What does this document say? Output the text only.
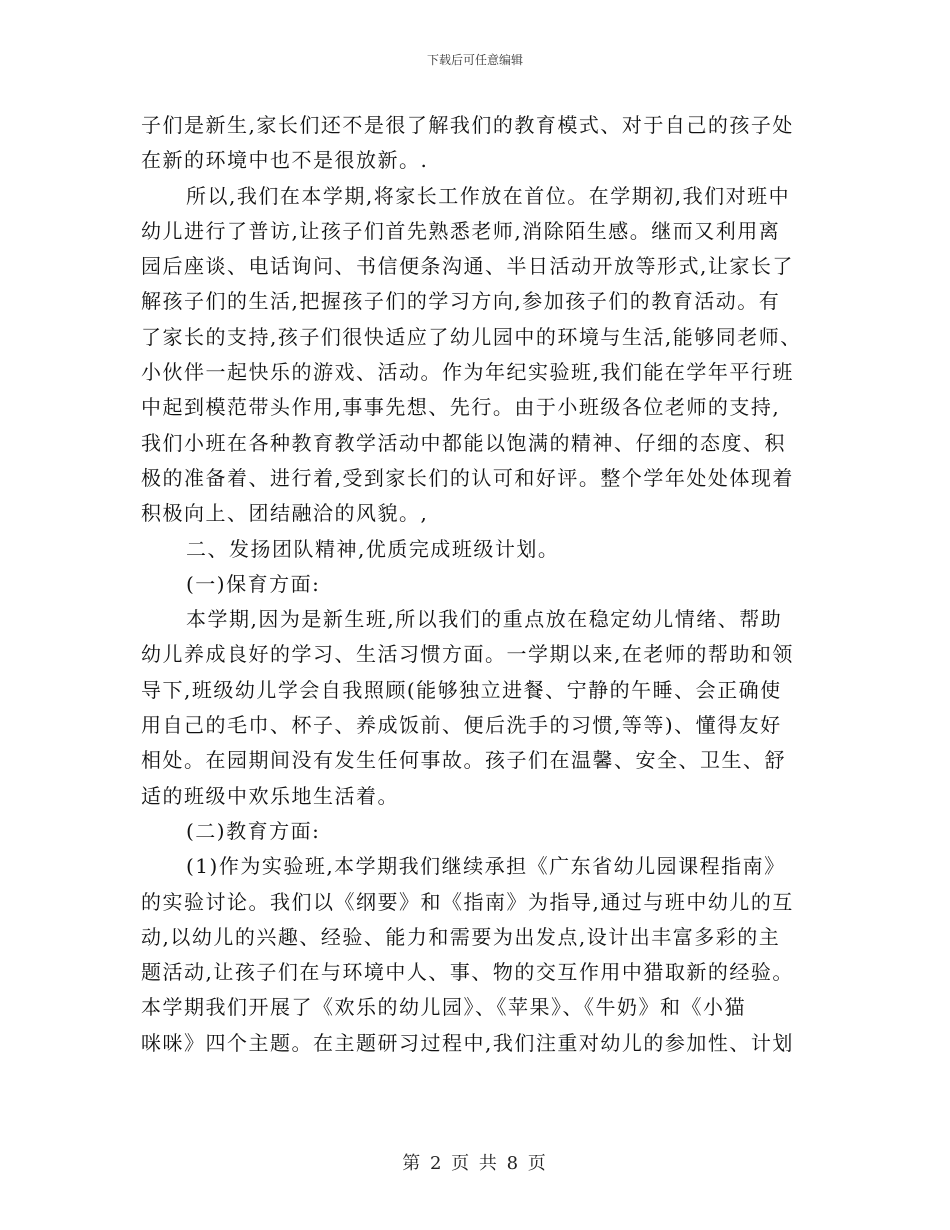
下载后可任意编辑
子们是新生,家长们还不是很了解我们的教育模式、对于自己的孩子处
在新的环境中也不是很放新。.
所以,我们在本学期,将家长工作放在首位。在学期初,我们对班中
幼儿进行了普访,让孩子们首先熟悉老师,消除陌生感。继而又利用离
园后座谈、电话询问、书信便条沟通、半日活动开放等形式,让家长了
解孩子们的生活,把握孩子们的学习方向,参加孩子们的教育活动。有
了家长的支持,孩子们很快适应了幼儿园中的环境与生活,能够同老师、
小伙伴一起快乐的游戏、活动。作为年纪实验班,我们能在学年平行班
中起到模范带头作用,事事先想、先行。由于小班级各位老师的支持,
我们小班在各种教育教学活动中都能以饱满的精神、仔细的态度、积
极的准备着、进行着,受到家长们的认可和好评。整个学年处处体现着
积极向上、团结融洽的风貌。,
二、发扬团队精神,优质完成班级计划。
(一)保育方面:
本学期,因为是新生班,所以我们的重点放在稳定幼儿情绪、帮助
幼儿养成良好的学习、生活习惯方面。一学期以来,在老师的帮助和领
导下,班级幼儿学会自我照顾(能够独立进餐、宁静的午睡、会正确使
用自己的毛巾、杯子、养成饭前、便后洗手的习惯,等等)、懂得友好
相处。在园期间没有发生任何事故。孩子们在温馨、安全、卫生、舒
适的班级中欢乐地生活着。
(二)教育方面:
(1)作为实验班,本学期我们继续承担《广东省幼儿园课程指南》
的实验讨论。我们以《纲要》和《指南》为指导,通过与班中幼儿的互
动,以幼儿的兴趣、经验、能力和需要为出发点,设计出丰富多彩的主
题活动,让孩子们在与环境中人、事、物的交互作用中猎取新的经验。
本学期我们开展了《欢乐的幼儿园》、《苹果》、《牛奶》和《小猫
咪咪》四个主题。在主题研习过程中,我们注重对幼儿的参加性、计划
第 2 页 共 8 页
